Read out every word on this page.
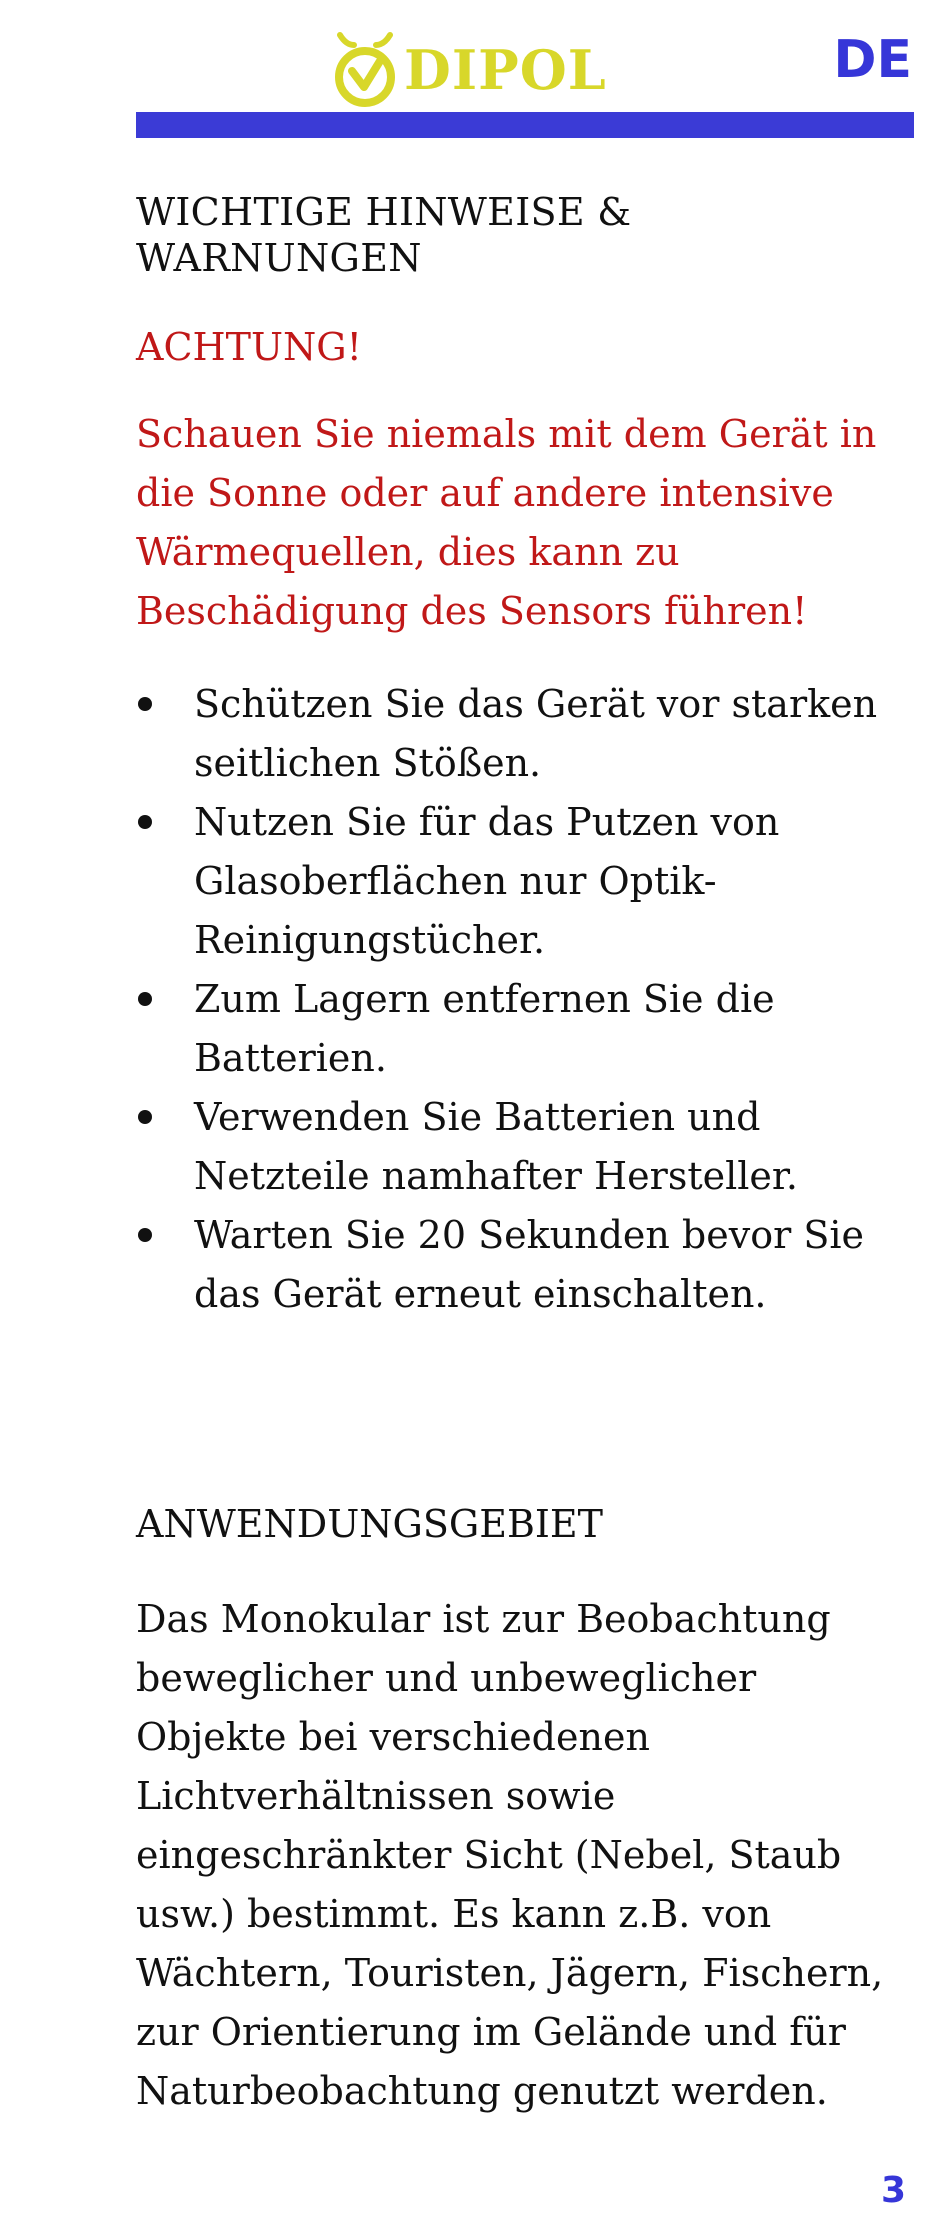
DIPOL	DE
WICHTIGE HINWEISE & WARNUNGEN

ACHTUNG!

Schauen Sie niemals mit dem Gerät in die Sonne oder auf andere intensive Wärmequellen, dies kann zu Beschädigung des Sensors führen!

Schützen Sie das Gerät vor starken seitlichen Stößen.
Nutzen Sie für das Putzen von Glasoberflächen nur Optik-Reinigungstücher.
Zum Lagern entfernen Sie die Batterien.
Verwenden Sie Batterien und Netzteile namhafter Hersteller.
Warten Sie 20 Sekunden bevor Sie das Gerät erneut einschalten.
ANWENDUNGSGEBIET

Das Monokular ist zur Beobachtung beweglicher und unbeweglicher Objekte bei verschiedenen Lichtverhältnissen sowie eingeschränkter Sicht (Nebel, Staub usw.) bestimmt. Es kann z.B. von Wächtern, Touristen, Jägern, Fischern, zur Orientierung im Gelände und für Naturbeobachtung genutzt werden.

3
